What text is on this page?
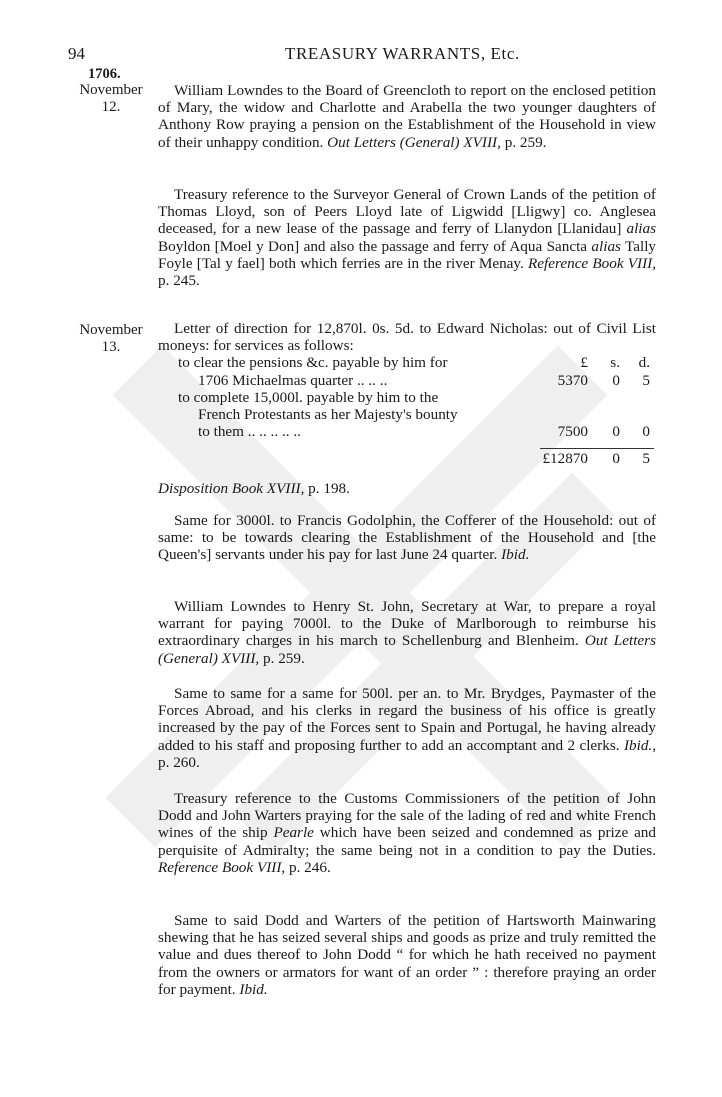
94	TREASURY WARRANTS, Etc.
1706.
November
12.
November
13.

William Lowndes to the Board of Greencloth to report on the enclosed petition of Mary, the widow and Charlotte and Arabella the two younger daughters of Anthony Row praying a pension on the Establishment of the Household in view of their unhappy condition. Out Letters (General) XVIII, p. 259.

Treasury reference to the Surveyor General of Crown Lands of the petition of Thomas Lloyd, son of Peers Lloyd late of Ligwidd [Lligwy] co. Anglesea deceased, for a new lease of the passage and ferry of Llanydon [Llanidau] alias Boyldon [Moel y Don] and also the passage and ferry of Aqua Sancta alias Tally Foyle [Tal y fael] both which ferries are in the river Menay. Reference Book VIII, p. 245.

Letter of direction for 12,870l. 0s. 5d. to Edward Nicholas: out of Civil List moneys: for services as follows:

to clear the pensions &c. payable by him for	£	s.	d.
1706 Michaelmas quarter .. .. ..	5370	0	5
to complete 15,000l. payable by him to the
French Protestants as her Majesty's bounty
to them .. .. .. .. ..	7500	0	0
£12870	0	5

Disposition Book XVIII, p. 198.

Same for 3000l. to Francis Godolphin, the Cofferer of the Household: out of same: to be towards clearing the Establishment of the Household and [the Queen's] servants under his pay for last June 24 quarter. Ibid.

William Lowndes to Henry St. John, Secretary at War, to prepare a royal warrant for paying 7000l. to the Duke of Marlborough to reimburse his extraordinary charges in his march to Schellenburg and Blenheim. Out Letters (General) XVIII, p. 259.

Same to same for a same for 500l. per an. to Mr. Brydges, Paymaster of the Forces Abroad, and his clerks in regard the business of his office is greatly increased by the pay of the Forces sent to Spain and Portugal, he having already added to his staff and proposing further to add an accomptant and 2 clerks. Ibid., p. 260.

Treasury reference to the Customs Commissioners of the petition of John Dodd and John Warters praying for the sale of the lading of red and white French wines of the ship Pearle which have been seized and condemned as prize and perquisite of Admiralty; the same being not in a condition to pay the Duties. Reference Book VIII, p. 246.

Same to said Dodd and Warters of the petition of Hartsworth Mainwaring shewing that he has seized several ships and goods as prize and truly remitted the value and dues thereof to John Dodd “ for which he hath received no payment from the owners or armators for want of an order ” : therefore praying an order for payment. Ibid.
